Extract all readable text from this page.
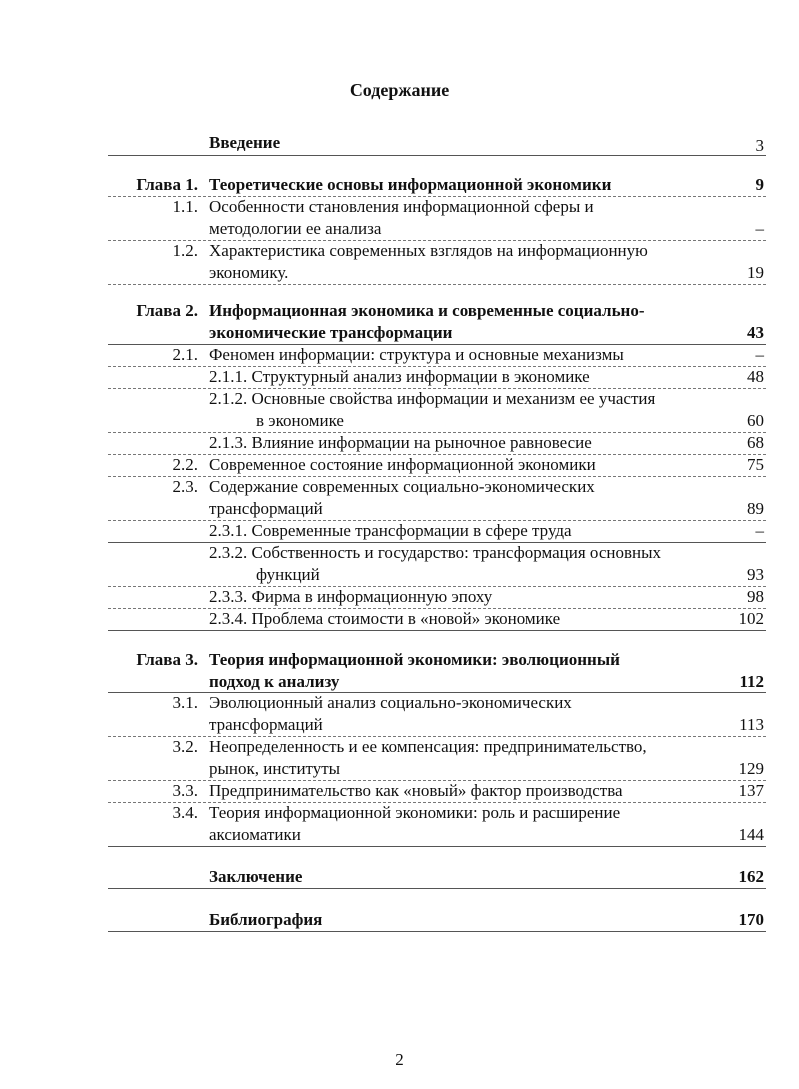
Содержание
Введение	3
Глава 1. Теоретические основы информационной экономики	9
1.1. Особенности становления информационной сферы и
методологии ее анализа	–
1.2. Характеристика современных взглядов на информационную
экономику.	19
Глава 2. Информационная экономика и современные социально-
экономические трансформации	43
2.1. Феномен информации: структура и основные механизмы	–
2.1.1. Структурный анализ информации в экономике	48
2.1.2. Основные свойства информации и механизм ее участия
в экономике	60
2.1.3. Влияние информации на рыночное равновесие	68
2.2. Современное состояние информационной экономики	75
2.3. Содержание современных социально-экономических
трансформаций	89
2.3.1. Современные трансформации в сфере труда	–
2.3.2. Собственность и государство: трансформация основных
функций	93
2.3.3. Фирма в информационную эпоху	98
2.3.4. Проблема стоимости в «новой» экономике	102
Глава 3. Теория информационной экономики: эволюционный
подход к анализу	112
3.1. Эволюционный анализ социально-экономических
трансформаций	113
3.2. Неопределенность и ее компенсация: предпринимательство,
рынок, институты	129
3.3. Предпринимательство как «новый» фактор производства	137
3.4. Теория информационной экономики: роль и расширение
аксиоматики	144
Заключение	162
Библиография	170
2
